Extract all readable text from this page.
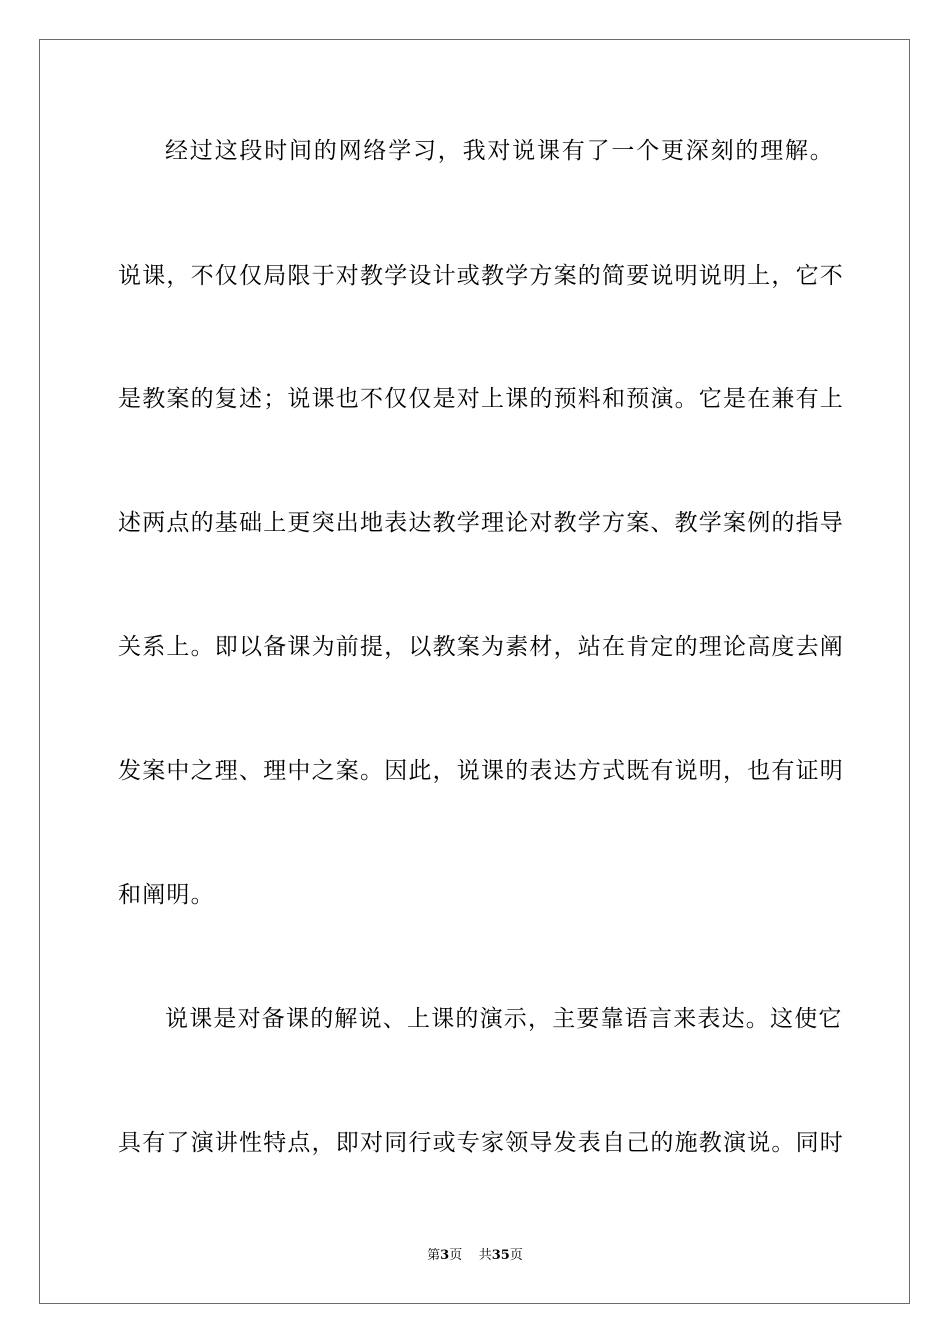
经过这段时间的网络学习，我对说课有了一个更深刻的理解。
说课，不仅仅局限于对教学设计或教学方案的简要说明说明上，它不
是教案的复述；说课也不仅仅是对上课的预料和预演。它是在兼有上
述两点的基础上更突出地表达教学理论对教学方案、教学案例的指导
关系上。即以备课为前提，以教案为素材，站在肯定的理论高度去阐
发案中之理、理中之案。因此，说课的表达方式既有说明，也有证明
和阐明。
说课是对备课的解说、上课的演示，主要靠语言来表达。这使它
具有了演讲性特点，即对同行或专家领导发表自己的施教演说。同时
第3页 共35页
